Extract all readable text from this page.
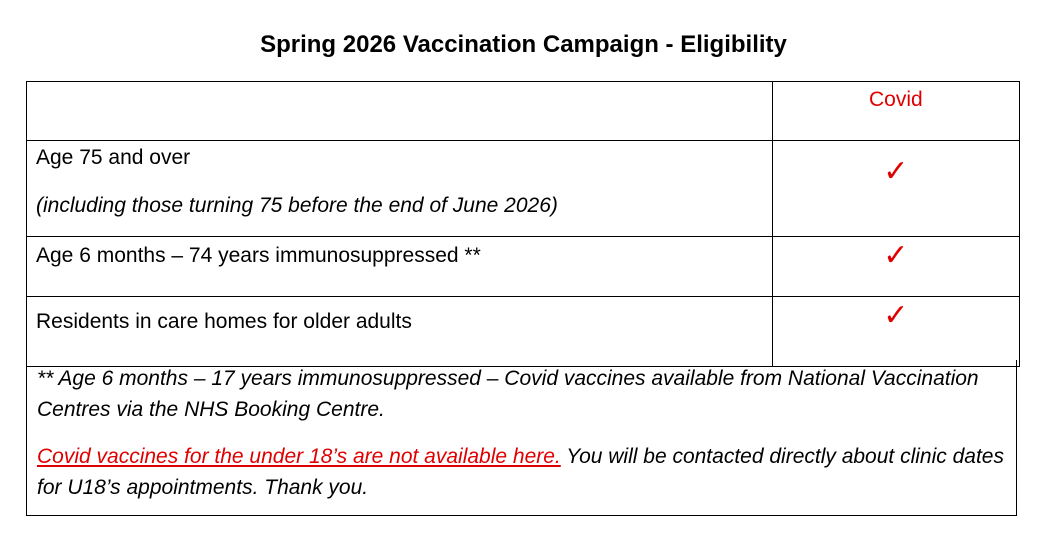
Spring 2026 Vaccination Campaign - Eligibility
	Covid

Age 75 and over
(including those turning 75 before the end of June 2026)	✓

Age 6 months – 74 years immunosuppressed **	✓

Residents in care homes for older adults	✓

** Age 6 months – 17 years immunosuppressed – Covid vaccines available from National Vaccination Centres via the NHS Booking Centre.

Covid vaccines for the under 18’s are not available here. You will be contacted directly about clinic dates for U18’s appointments. Thank you.
